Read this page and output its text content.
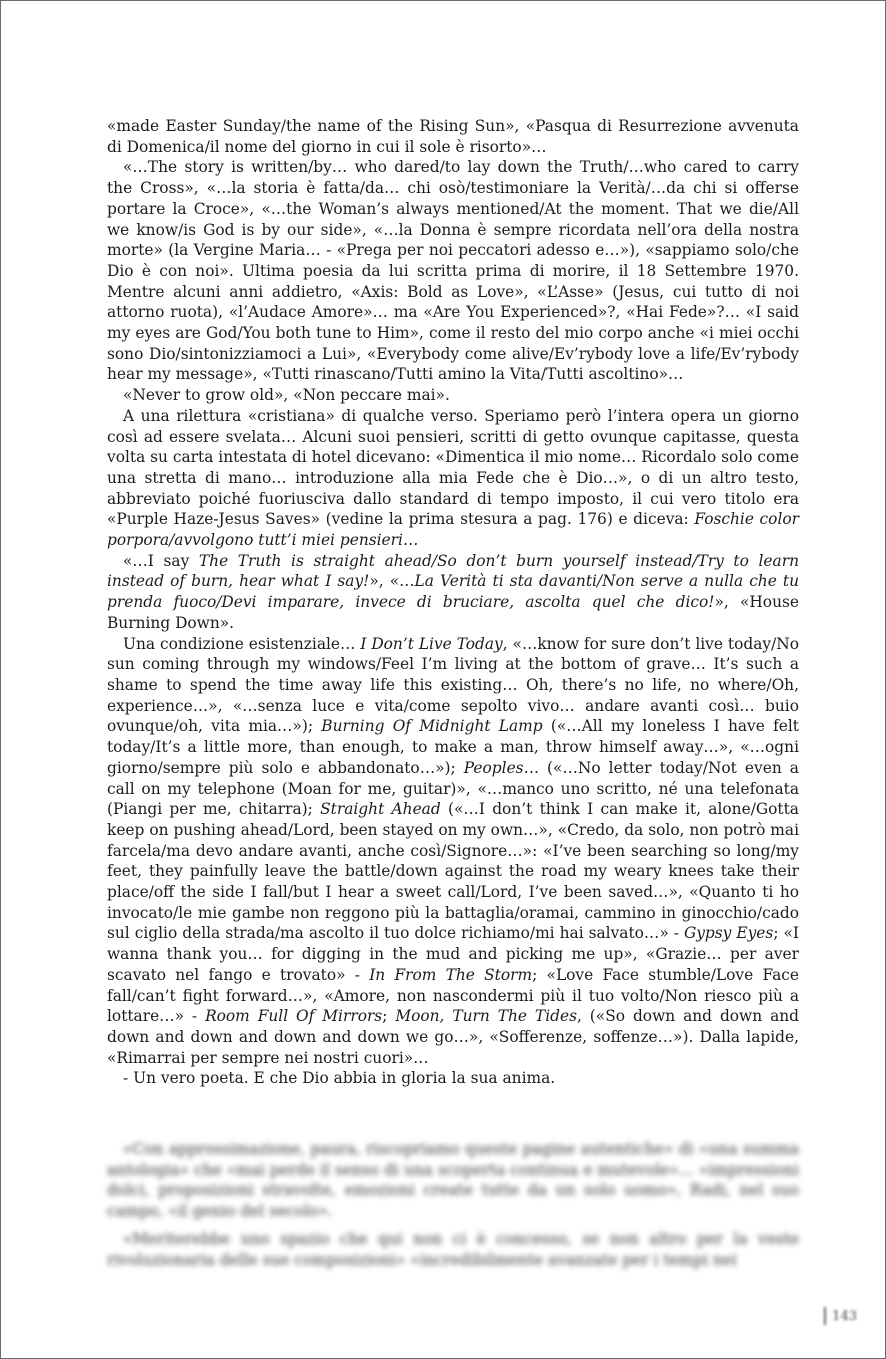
«made Easter Sunday/the name of the Rising Sun», «Pasqua di Resurrezione avvenuta di Domenica/il nome del giorno in cui il sole è risorto»…

«…The story is written/by… who dared/to lay down the Truth/…who cared to carry the Cross», «…la storia è fatta/da… chi osò/testimoniare la Verità/…da chi si offerse portare la Croce», «…the Woman’s always mentioned/At the moment. That we die/All we know/is God is by our side», «…la Donna è sempre ricordata nell’ora della nostra morte» (la Vergine Maria… - «Prega per noi peccatori adesso e…»), «sappiamo solo/che Dio è con noi». Ultima poesia da lui scritta prima di morire, il 18 Settembre 1970. Mentre alcuni anni addietro, «Axis: Bold as Love», «L’Asse» (Jesus, cui tutto di noi attorno ruota), «l’Audace Amore»… ma «Are You Experienced»?, «Hai Fede»?… «I said my eyes are God/You both tune to Him», come il resto del mio corpo anche «i miei occhi sono Dio/sintonizziamoci a Lui», «Everybody come alive/Ev’rybody love a life/Ev’rybody hear my message», «Tutti rinascano/Tutti amino la Vita/Tutti ascoltino»…

«Never to grow old», «Non peccare mai».

A una rilettura «cristiana» di qualche verso. Speriamo però l’intera opera un giorno così ad essere svelata… Alcuni suoi pensieri, scritti di getto ovunque capitasse, questa volta su carta intestata di hotel dicevano: «Dimentica il mio nome… Ricordalo solo come una stretta di mano… introduzione alla mia Fede che è Dio…», o di un altro testo, abbreviato poiché fuoriusciva dallo standard di tempo imposto, il cui vero titolo era «Purple Haze-Jesus Saves» (vedine la prima stesura a pag. 176) e diceva: Foschie color porpora/avvolgono tutt’i miei pensieri…

«…I say The Truth is straight ahead/So don’t burn yourself instead/Try to learn instead of burn, hear what I say!», «…La Verità ti sta davanti/Non serve a nulla che tu prenda fuoco/Devi imparare, invece di bruciare, ascolta quel che dico!», «House Burning Down».

Una condizione esistenziale… I Don’t Live Today, «…know for sure don’t live today/No sun coming through my windows/Feel I’m living at the bottom of grave… It’s such a shame to spend the time away life this existing… Oh, there’s no life, no where/Oh, experience…», «…senza luce e vita/come sepolto vivo… andare avanti così… buio ovunque/oh, vita mia…»); Burning Of Midnight Lamp («…All my loneless I have felt today/It’s a little more, than enough, to make a man, throw himself away…», «…ogni giorno/sempre più solo e abbandonato…»); Peoples… («…No letter today/Not even a call on my telephone (Moan for me, guitar)», «…manco uno scritto, né una telefonata (Piangi per me, chitarra); Straight Ahead («…I don’t think I can make it, alone/Gotta keep on pushing ahead/Lord, been stayed on my own…», «Credo, da solo, non potrò mai farcela/ma devo andare avanti, anche così/Signore…»: «I’ve been searching so long/my feet, they painfully leave the battle/down against the road my weary knees take their place/off the side I fall/but I hear a sweet call/Lord, I’ve been saved…», «Quanto ti ho invocato/le mie gambe non reggono più la battaglia/oramai, cammino in ginocchio/cado sul ciglio della strada/ma ascolto il tuo dolce richiamo/mi hai salvato…» - Gypsy Eyes; «I wanna thank you… for digging in the mud and picking me up», «Grazie… per aver scavato nel fango e trovato» - In From The Storm; «Love Face stumble/Love Face fall/can’t fight forward…», «Amore, non nascondermi più il tuo volto/Non riesco più a lottare…» - Room Full Of Mirrors; Moon, Turn The Tides, («So down and down and down and down and down and down we go…», «Sofferenze, soffenze…»). Dalla lapide, «Rimarrai per sempre nei nostri cuori»…

- Un vero poeta. E che Dio abbia in gloria la sua anima.

«Con approssimazione, paura, riscopriamo queste pagine autentiche» di «una summa antologia» che «mai perde il senso di una scoperta continua e mutevole»… «impressioni dolci, proposizioni stravolte, emozioni create tutte da un solo uomo», Radi, nel suo campo, «il genio del secolo».

«Meriterebbe uno spazio che qui non ci è concesso, se non altro per la veste rivoluzionaria delle sue composizioni» «incredibilmente avanzate per i tempi nei

143
